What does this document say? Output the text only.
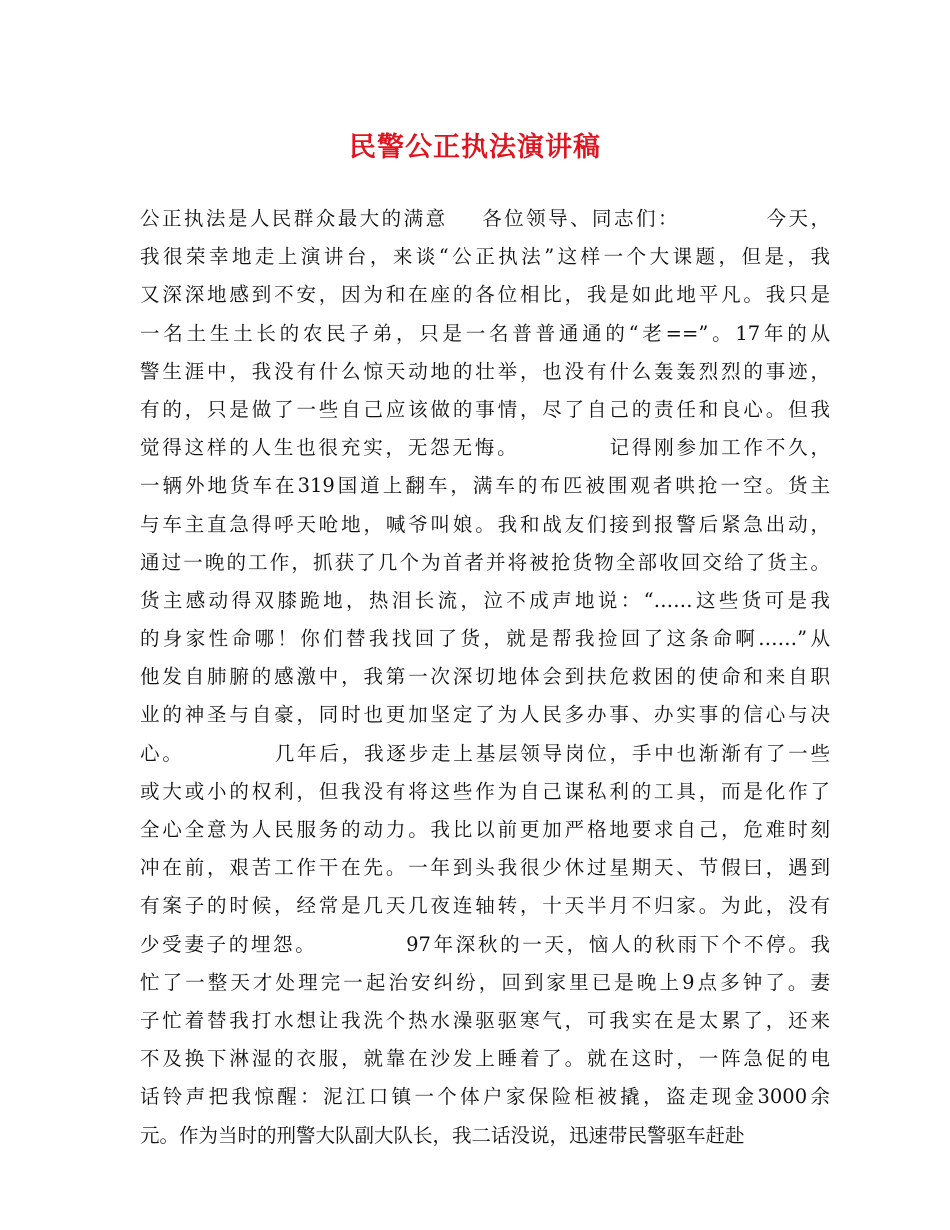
民警公正执法演讲稿
公正执法是人民群众最大的满意    各位领导、同志们：          今天，
我很荣幸地走上演讲台，来谈“公正执法”这样一个大课题，但是，我
又深深地感到不安，因为和在座的各位相比，我是如此地平凡。我只是
一名土生土长的农民子弟，只是一名普普通通的“老==”。17年的从
警生涯中，我没有什么惊天动地的壮举，也没有什么轰轰烈烈的事迹，
有的，只是做了一些自己应该做的事情，尽了自己的责任和良心。但我
觉得这样的人生也很充实，无怨无悔。          记得刚参加工作不久，
一辆外地货车在319国道上翻车，满车的布匹被围观者哄抢一空。货主
与车主直急得呼天呛地，喊爷叫娘。我和战友们接到报警后紧急出动，
通过一晚的工作，抓获了几个为首者并将被抢货物全部收回交给了货主。
货主感动得双膝跪地，热泪长流，泣不成声地说：“……这些货可是我
的身家性命哪！你们替我找回了货，就是帮我捡回了这条命啊……”从
他发自肺腑的感激中，我第一次深切地体会到扶危救困的使命和来自职
业的神圣与自豪，同时也更加坚定了为人民多办事、办实事的信心与决
心。          几年后，我逐步走上基层领导岗位，手中也渐渐有了一些
或大或小的权利，但我没有将这些作为自己谋私利的工具，而是化作了
全心全意为人民服务的动力。我比以前更加严格地要求自己，危难时刻
冲在前，艰苦工作干在先。一年到头我很少休过星期天、节假曰，遇到
有案子的时候，经常是几天几夜连轴转，十天半月不归家。为此，没有
少受妻子的埋怨。          97年深秋的一天，恼人的秋雨下个不停。我
忙了一整天才处理完一起治安纠纷，回到家里已是晚上9点多钟了。妻
子忙着替我打水想让我洗个热水澡驱驱寒气，可我实在是太累了，还来
不及换下淋湿的衣服，就靠在沙发上睡着了。就在这时，一阵急促的电
话铃声把我惊醒：泥江口镇一个体户家保险柜被撬，盗走现金3000余
元。作为当时的刑警大队副大队长，我二话没说，迅速带民警驱车赶赴
